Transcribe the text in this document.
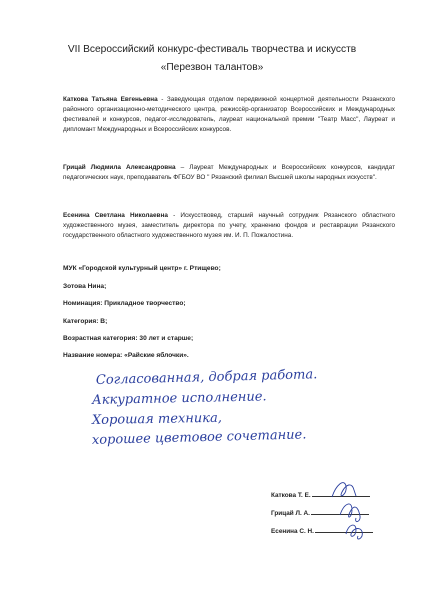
VII Всероссийский конкурс-фестиваль творчества и искусств
«Перезвон талантов»
Каткова Татьяна Евгеньевна - Заведующая отделом передвижной концертной деятельности Рязанского районного организационно-методического центра, режиссёр-организатор Всероссийских и Международных фестивалей и конкурсов, педагог-исследователь, лауреат национальной премии "Театр Масс", Лауреат и дипломант Международных и Всероссийских конкурсов.
Грицай Людмила Александровна – Лауреат Международных и Всероссийских конкурсов, кандидат педагогических наук, преподаватель ФГБОУ ВО " Рязанский филиал Высшей школы народных искусств".
Есенина Светлана Николаевна - Искусствовед, старший научный сотрудник Рязанского областного художественного музея, заместитель директора по учету, хранению фондов и реставрации Рязанского государственного областного художественного музея им. И. П. Пожалостина.
МУК «Городской культурный центр» г. Ртищево;
Зотова Нина;
Номинация: Прикладное творчество;
Категория: В;
Возрастная категория: 30 лет и старше;
Название номера: «Райские яблочки».
Согласованная, добрая работа.
Аккуратное исполнение.
Хорошая техника,
хорошее цветовое сочетание.
Каткова Т. Е.
Грицай Л. А.
Есенина С. Н.
